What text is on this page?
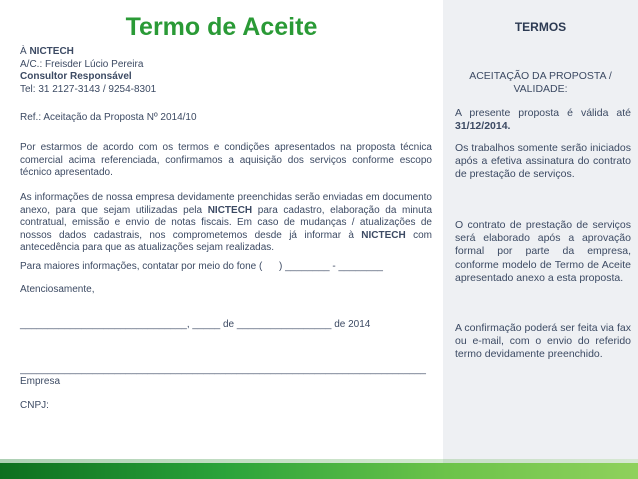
Termo de Aceite
À NICTECH
A/C.: Freisder Lúcio Pereira
Consultor Responsável
Tel: 31 2127-3143 / 9254-8301
Ref.: Aceitação da Proposta Nº 2014/10
Por estarmos de acordo com os termos e condições apresentados na proposta técnica comercial acima referenciada, confirmamos a aquisição dos serviços conforme escopo técnico apresentado.
As informações de nossa empresa devidamente preenchidas serão enviadas em documento anexo, para que sejam utilizadas pela NICTECH para cadastro, elaboração da minuta contratual, emissão e envio de notas fiscais. Em caso de mudanças / atualizações de nossos dados cadastrais, nos comprometemos desde já informar à NICTECH com antecedência para que as atualizações sejam realizadas.
Para maiores informações, contatar por meio do fone (      ) ________ - ________
Atenciosamente,
______________________________, _____ de _________________ de 2014
_________________________________________________________________________
Empresa
CNPJ:
TERMOS
ACEITAÇÃO DA PROPOSTA / VALIDADE:
A presente proposta é válida até 31/12/2014.
Os trabalhos somente serão iniciados após a efetiva assinatura do contrato de prestação de serviços.
O contrato de prestação de serviços será elaborado após a aprovação formal por parte da empresa, conforme modelo de Termo de Aceite apresentado anexo a esta proposta.
A confirmação poderá ser feita via fax ou e-mail, com o envio do referido termo devidamente preenchido.
